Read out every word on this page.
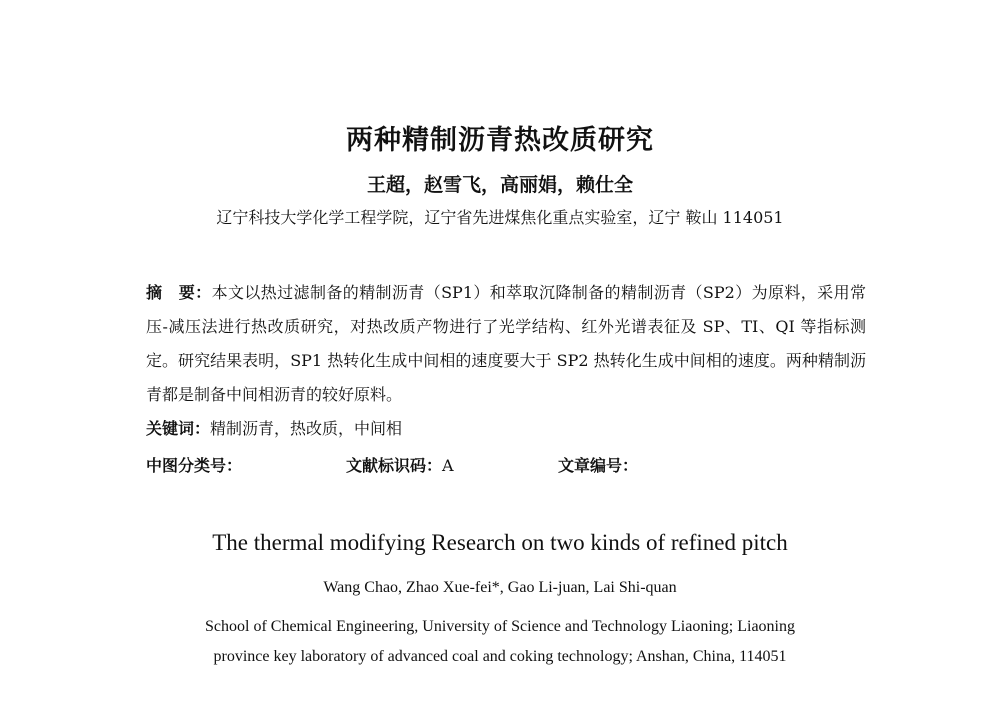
两种精制沥青热改质研究
王超，赵雪飞，高丽娟，赖仕全
辽宁科技大学化学工程学院，辽宁省先进煤焦化重点实验室，辽宁 鞍山 114051
摘　要：本文以热过滤制备的精制沥青（SP1）和萃取沉降制备的精制沥青（SP2）为原料，采用常压-减压法进行热改质研究，对热改质产物进行了光学结构、红外光谱表征及 SP、TI、QI 等指标测定。研究结果表明，SP1 热转化生成中间相的速度要大于 SP2 热转化生成中间相的速度。两种精制沥青都是制备中间相沥青的较好原料。
关键词：精制沥青，热改质，中间相
中图分类号：	文献标识码：A	文章编号：
The thermal modifying Research on two kinds of refined pitch
Wang Chao, Zhao Xue-fei*, Gao Li-juan, Lai Shi-quan
School of Chemical Engineering, University of Science and Technology Liaoning; Liaoning
province key laboratory of advanced coal and coking technology; Anshan, China, 114051
